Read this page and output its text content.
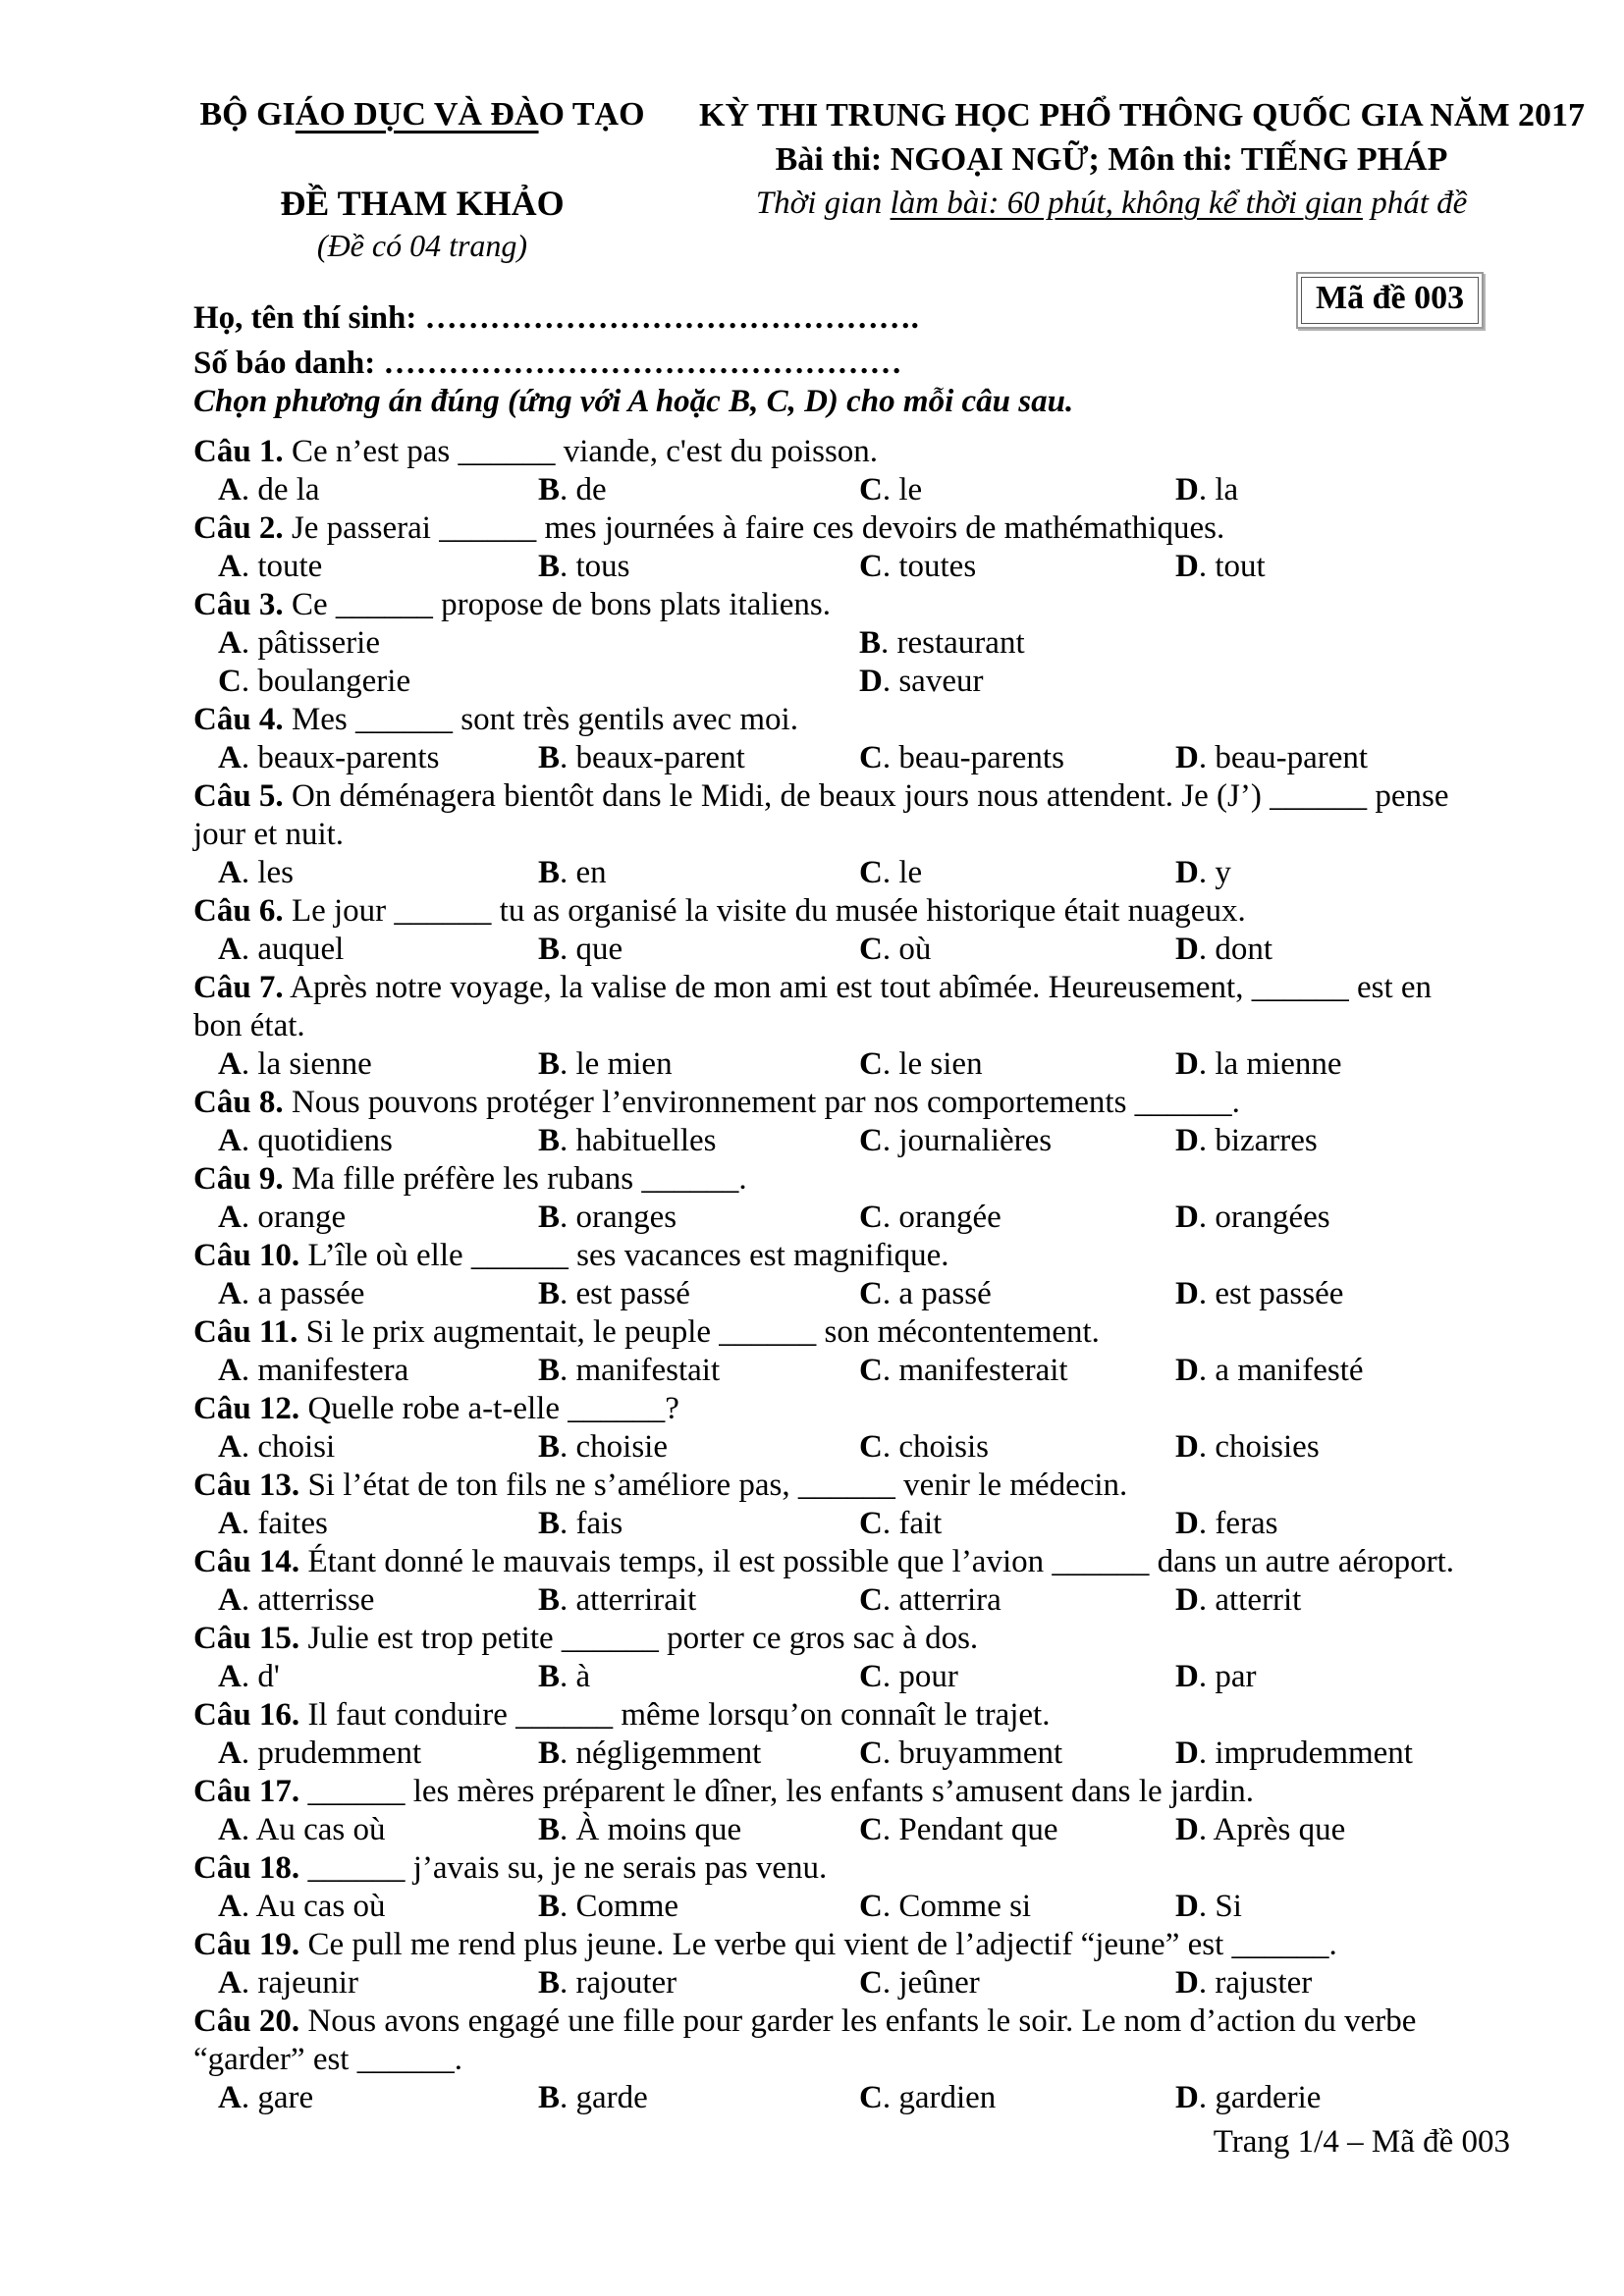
BỘ GIÁO DỤC VÀ ĐÀO TẠO
ĐỀ THAM KHẢO
(Đề có 04 trang)
KỲ THI TRUNG HỌC PHỔ THÔNG QUỐC GIA NĂM 2017
Bài thi: NGOẠI NGỮ; Môn thi: TIẾNG PHÁP
Thời gian làm bài: 60 phút, không kể thời gian phát đề
Mã đề 003
Họ, tên thí sinh: ……………………………………….
Số báo danh: …………………………………………
Chọn phương án đúng (ứng với A hoặc B, C, D) cho mỗi câu sau.
Câu 1. Ce n’est pas ______ viande, c'est du poisson.
A. de la	B. de	C. le	D. la
Câu 2. Je passerai ______ mes journées à faire ces devoirs de mathémathiques.
A. toute	B. tous	C. toutes	D. tout
Câu 3. Ce ______ propose de bons plats italiens.
A. pâtisserie	B. restaurant
C. boulangerie	D. saveur
Câu 4. Mes ______ sont très gentils avec moi.
A. beaux-parents	B. beaux-parent	C. beau-parents	D. beau-parent
Câu 5. On déménagera bientôt dans le Midi, de beaux jours nous attendent. Je (J’) ______ pense
jour et nuit.
A. les	B. en	C. le	D. y
Câu 6. Le jour ______ tu as organisé la visite du musée historique était nuageux.
A. auquel	B. que	C. où	D. dont
Câu 7. Après notre voyage, la valise de mon ami est tout abîmée. Heureusement, ______ est en
bon état.
A. la sienne	B. le mien	C. le sien	D. la mienne
Câu 8. Nous pouvons protéger l’environnement par nos comportements ______.
A. quotidiens	B. habituelles	C. journalières	D. bizarres
Câu 9. Ma fille préfère les rubans ______.
A. orange	B. oranges	C. orangée	D. orangées
Câu 10. L’île où elle ______ ses vacances est magnifique.
A. a passée	B. est passé	C. a passé	D. est passée
Câu 11. Si le prix augmentait, le peuple ______ son mécontentement.
A. manifestera	B. manifestait	C. manifesterait	D. a manifesté
Câu 12. Quelle robe a-t-elle ______?
A. choisi	B. choisie	C. choisis	D. choisies
Câu 13. Si l’état de ton fils ne s’améliore pas, ______ venir le médecin.
A. faites	B. fais	C. fait	D. feras
Câu 14. Étant donné le mauvais temps, il est possible que l’avion ______ dans un autre aéroport.
A. atterrisse	B. atterrirait	C. atterrira	D. atterrit
Câu 15. Julie est trop petite ______ porter ce gros sac à dos.
A. d'	B. à	C. pour	D. par
Câu 16. Il faut conduire ______ même lorsqu’on connaît le trajet.
A. prudemment	B. négligemment	C. bruyamment	D. imprudemment
Câu 17. ______ les mères préparent le dîner, les enfants s’amusent dans le jardin.
A. Au cas où	B. À moins que	C. Pendant que	D. Après que
Câu 18. ______ j’avais su, je ne serais pas venu.
A. Au cas où	B. Comme	C. Comme si	D. Si
Câu 19. Ce pull me rend plus jeune. Le verbe qui vient de l’adjectif “jeune” est ______.
A. rajeunir	B. rajouter	C. jeûner	D. rajuster
Câu 20. Nous avons engagé une fille pour garder les enfants le soir. Le nom d’action du verbe
“garder” est ______.
A. gare	B. garde	C. gardien	D. garderie
Trang 1/4 – Mã đề 003
